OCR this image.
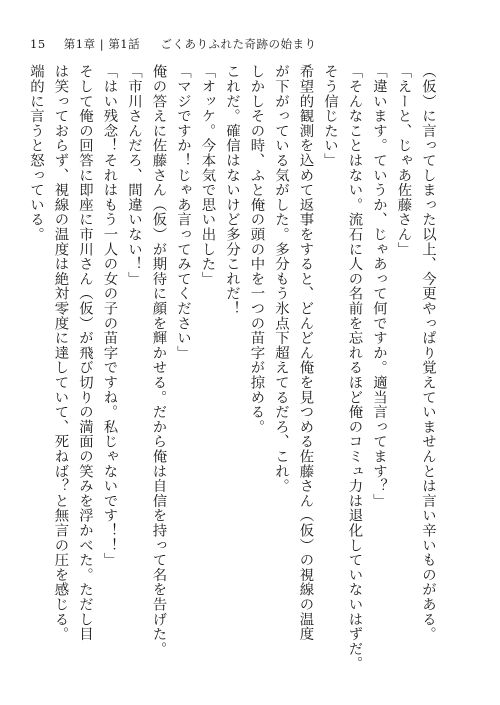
15 第1章 | 第1話   ごくありふれた奇跡の始まり

（仮）に言ってしまった以上、今更やっぱり覚えていませんとは言い辛いものがある。

「えーと、じゃあ佐藤さん」

「違います。ていうか、じゃあって何ですか。適当言ってます？」

「そんなことはない。流石に人の名前を忘れるほど俺のコミュ力は退化していないはずだ。

そう信じたい」

希望的観測を込めて返事をすると、どんどん俺を見つめる佐藤さん（仮）の視線の温度

が下がっている気がした。多分もう氷点下超えてるだろ、これ。

しかしその時、ふと俺の頭の中を一つの苗字が掠める。

これだ。確信はないけど多分これだ！

「オッケ。今本気で思い出した」

「マジですか！じゃあ言ってみてください」

俺の答えに佐藤さん（仮）が期待に顔を輝かせる。だから俺は自信を持って名を告げた。

「市川さんだろ、間違いない！」

「はい残念！それはもう一人の女の子の苗字ですね。私じゃないです！！」

そして俺の回答に即座に市川さん（仮）が飛び切りの満面の笑みを浮かべた。ただし目

は笑っておらず、視線の温度は絶対零度に達していて、死ねば？と無言の圧を感じる。

端的に言うと怒っている。
